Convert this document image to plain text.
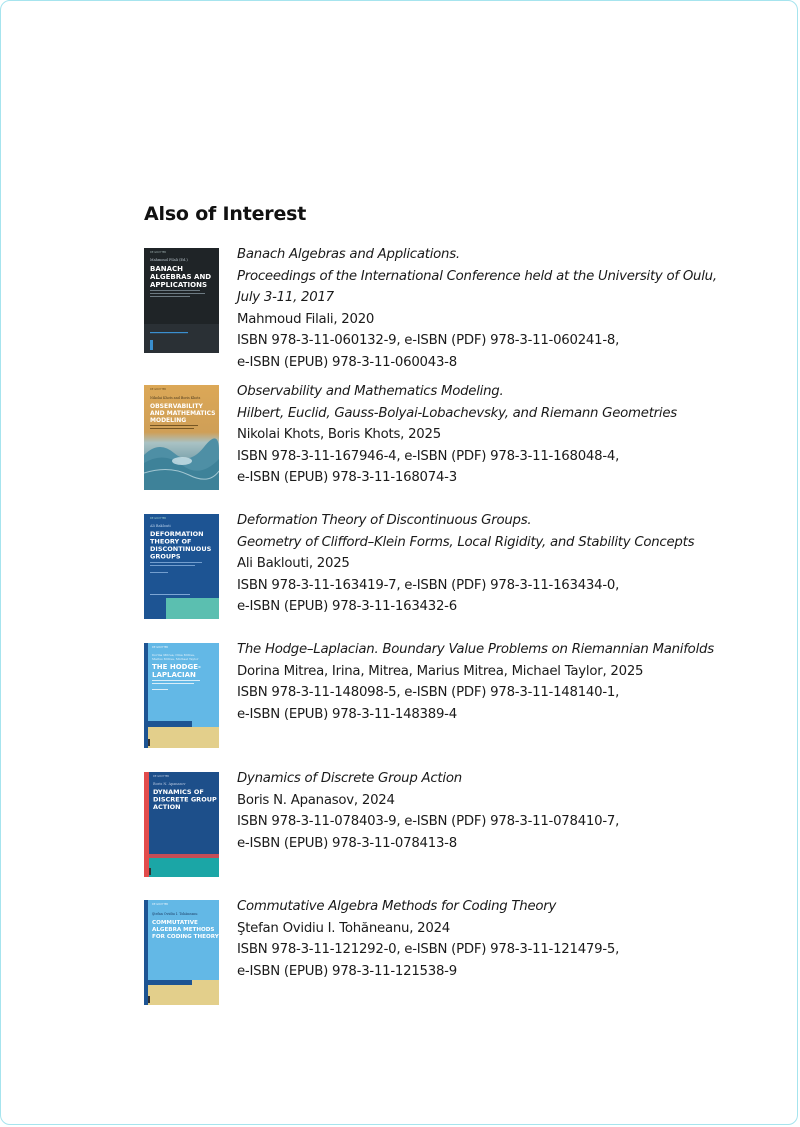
Also of Interest
DE GRUYTER
Mahmoud Filali (Ed.)
BANACH
ALGEBRAS AND
APPLICATIONS
Banach Algebras and Applications.
Proceedings of the International Conference held at the University of Oulu, July 3-11, 2017
Mahmoud Filali, 2020
ISBN 978-3-11-060132-9, e-ISBN (PDF) 978-3-11-060241-8,
e-ISBN (EPUB) 978-3-11-060043-8
DE GRUYTER
Nikolai Khots and Boris Khots
OBSERVABILITY
AND MATHEMATICS
MODELING
Observability and Mathematics Modeling.
Hilbert, Euclid, Gauss-Bolyai-Lobachevsky, and Riemann Geometries
Nikolai Khots, Boris Khots, 2025
ISBN 978-3-11-167946-4, e-ISBN (PDF) 978-3-11-168048-4,
e-ISBN (EPUB) 978-3-11-168074-3
DE GRUYTER
Ali Baklouti
DEFORMATION
THEORY OF
DISCONTINUOUS
GROUPS
Deformation Theory of Discontinuous Groups.
Geometry of Clifford–Klein Forms, Local Rigidity, and Stability Concepts
Ali Baklouti, 2025
ISBN 978-3-11-163419-7, e-ISBN (PDF) 978-3-11-163434-0,
e-ISBN (EPUB) 978-3-11-163432-6
DE GRUYTER
Dorina Mitrea, Irina Mitrea,
Marius Mitrea, Michael Taylor
THE HODGE-
LAPLACIAN
The Hodge–Laplacian. Boundary Value Problems on Riemannian Manifolds
Dorina Mitrea, Irina, Mitrea, Marius Mitrea, Michael Taylor, 2025
ISBN 978-3-11-148098-5, e-ISBN (PDF) 978-3-11-148140-1,
e-ISBN (EPUB) 978-3-11-148389-4
DE GRUYTER
Boris N. Apanasov
DYNAMICS OF
DISCRETE GROUP
ACTION
Dynamics of Discrete Group Action
Boris N. Apanasov, 2024
ISBN 978-3-11-078403-9, e-ISBN (PDF) 978-3-11-078410-7,
e-ISBN (EPUB) 978-3-11-078413-8
DE GRUYTER
Ştefan Ovidiu I. Tohăneanu
COMMUTATIVE
ALGEBRA METHODS
FOR CODING THEORY
Commutative Algebra Methods for Coding Theory
Ştefan Ovidiu I. Tohăneanu, 2024
ISBN 978-3-11-121292-0, e-ISBN (PDF) 978-3-11-121479-5,
e-ISBN (EPUB) 978-3-11-121538-9
